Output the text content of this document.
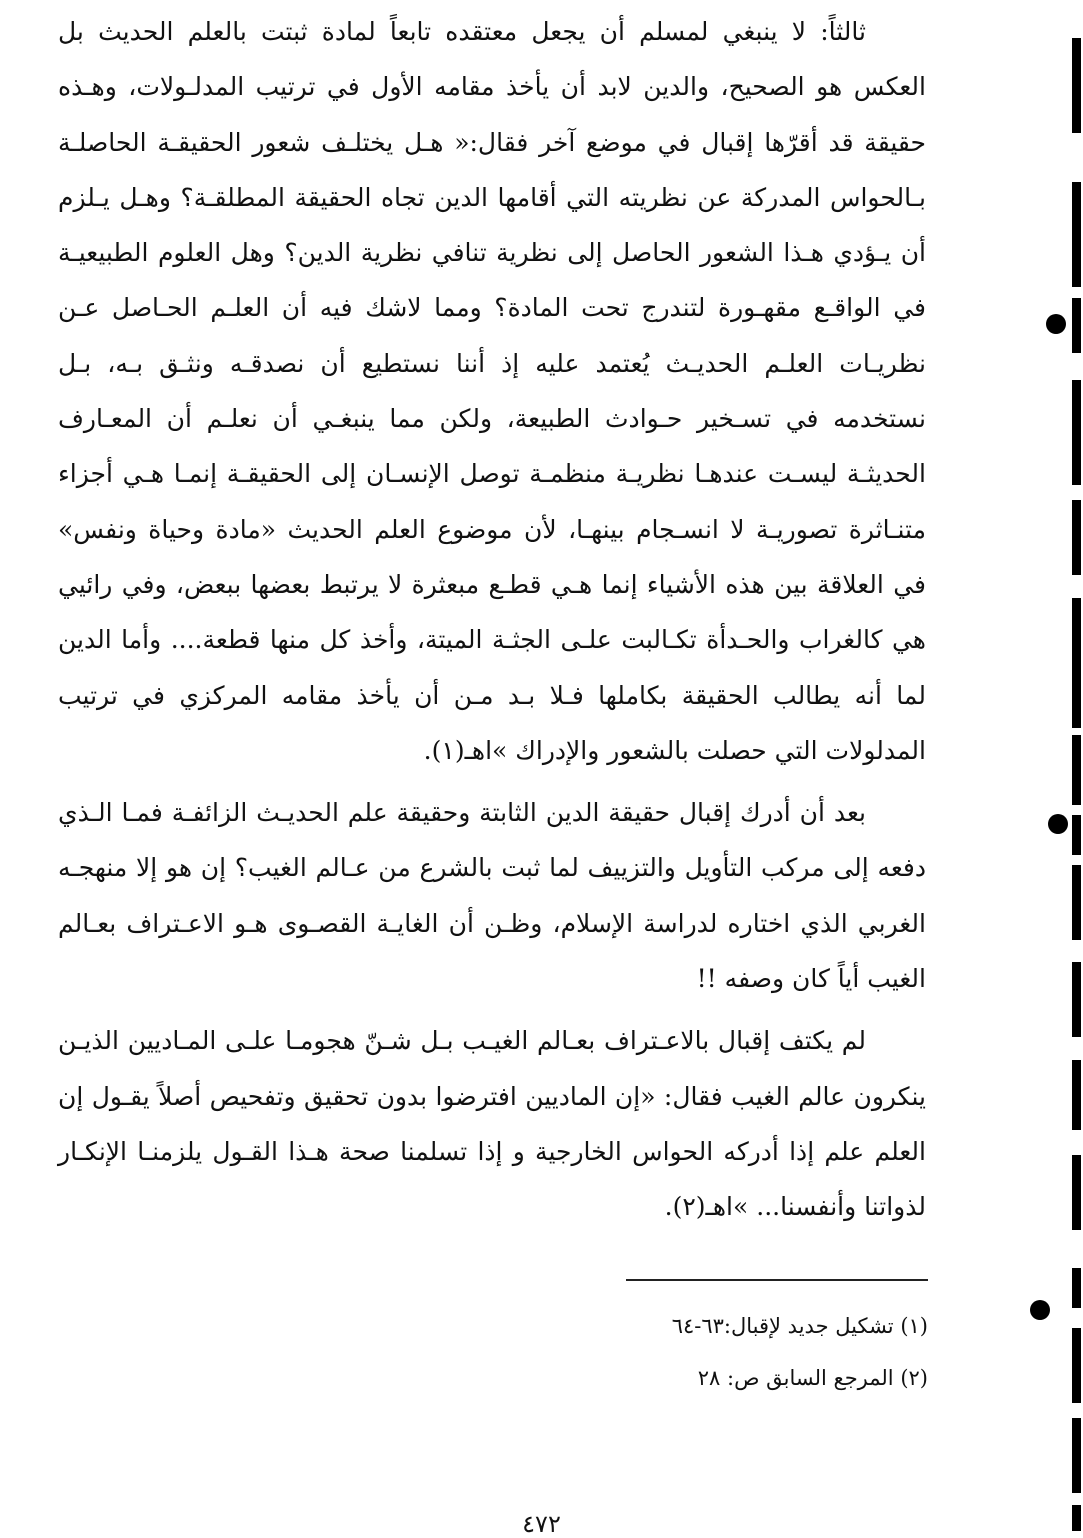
ثالثاً: لا ينبغي لمسلم أن يجعل معتقده تابعاً لمادة ثبتت بالعلم الحديث بل العكس هو الصحيح، والدين لابد أن يأخذ مقامه الأول في ترتيب المدلـولات، وهـذه حقيقة قد أقرّها إقبال في موضع آخر فقال:« هـل يختلـف شعور الحقيقـة الحاصلـة بـالحواس المدركة عن نظريته التي أقامها الدين تجاه الحقيقة المطلقـة؟ وهـل يـلزم أن يـؤدي هـذا الشعور الحاصل إلى نظرية تنافي نظرية الدين؟ وهل العلوم الطبيعيـة في الواقـع مقهـورة لتندرج تحت المادة؟ ومما لاشك فيه أن العلـم الحـاصل عـن نظريـات العلـم الحديـث يُعتمد عليه إذ أننا نستطيع أن نصدقـه ونثـق بـه، بـل نستخدمه في تسـخير حـوادث الطبيعة، ولكن مما ينبغـي أن نعلـم أن المعـارف الحديثـة ليسـت عندهـا نظريـة منظمـة توصل الإنسـان إلى الحقيقـة إنمـا هـي أجزاء متنـاثرة تصوريـة لا انسـجام بينهـا، لأن موضوع العلم الحديث «مادة وحياة ونفس» في العلاقة بين هذه الأشياء إنما هـي قطـع مبعثرة لا يرتبط بعضها ببعض، وفي رائيي هي كالغراب والحـدأة تكـالبت علـى الجثـة الميتة، وأخذ كل منها قطعة.... وأما الدين لما أنه يطالب الحقيقة بكاملها فـلا بـد مـن أن يأخذ مقامه المركزي في ترتيب المدلولات التي حصلت بالشعور والإدراك »اهـ(١).

بعد أن أدرك إقبال حقيقة الدين الثابتة وحقيقة علم الحديـث الزائفـة فمـا الـذي دفعه إلى مركب التأويل والتزييف لما ثبت بالشرع من عـالم الغيب؟ إن هو إلا منهجـه الغربي الذي اختاره لدراسة الإسلام، وظـن أن الغايـة القصـوى هـو الاعـتراف بعـالم الغيب أياً كان وصفه !!

لم يكتف إقبال بالاعـتراف بعـالم الغيـب بـل شـنّ هجومـا علـى المـاديين الذيـن ينكرون عالم الغيب فقال: «إن الماديين افترضوا بدون تحقيق وتفحيص أصلاً يقـول إن العلم علم إذا أدركه الحواس الخارجية و إذا تسلمنا صحة هـذا القـول يلزمنـا الإنكـار لذواتنا وأنفسنا... »اهـ(٢).

(١) تشكيل جديد لإقبال:٦٣-٦٤

(٢) المرجع السابق ص: ٢٨

٤٧٢
